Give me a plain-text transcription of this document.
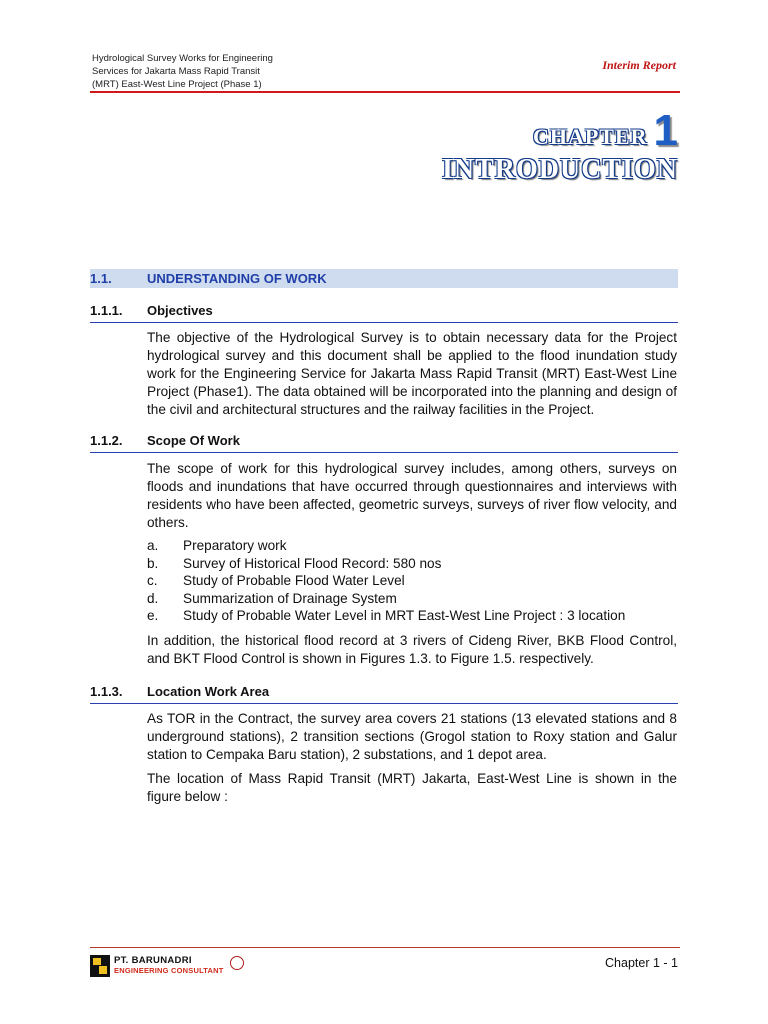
Hydrological Survey Works for Engineering
Services for Jakarta Mass Rapid Transit
(MRT) East-West Line Project (Phase 1)
Interim Report
CHAPTER 1
INTRODUCTION
1.1.	UNDERSTANDING OF WORK
1.1.1.	Objectives

The objective of the Hydrological Survey is to obtain necessary data for the Project hydrological survey and this document shall be applied to the flood inundation study work for the Engineering Service for Jakarta Mass Rapid Transit (MRT) East-West Line Project (Phase1). The data obtained will be incorporated into the planning and design of the civil and architectural structures and the railway facilities in the Project.

1.1.2.	Scope Of Work

The scope of work for this hydrological survey includes, among others, surveys on floods and inundations that have occurred through questionnaires and interviews with residents who have been affected, geometric surveys, surveys of river flow velocity, and others.

a.	Preparatory work
b.	Survey of Historical Flood Record: 580 nos
c.	Study of Probable Flood Water Level
d.	Summarization of Drainage System
e.	Study of Probable Water Level in MRT East-West Line Project : 3 location

In addition, the historical flood record at 3 rivers of Cideng River, BKB Flood Control, and BKT Flood Control is shown in Figures 1.3. to Figure 1.5. respectively.

1.1.3.	Location Work Area

As TOR in the Contract, the survey area covers 21 stations (13 elevated stations and 8 underground stations), 2 transition sections (Grogol station to Roxy station and Galur station to Cempaka Baru station), 2 substations, and 1 depot area.

The location of Mass Rapid Transit (MRT) Jakarta, East-West Line is shown in the figure below :

PT. BARUNADRI
ENGINEERING CONSULTANT
Chapter 1 - 1
